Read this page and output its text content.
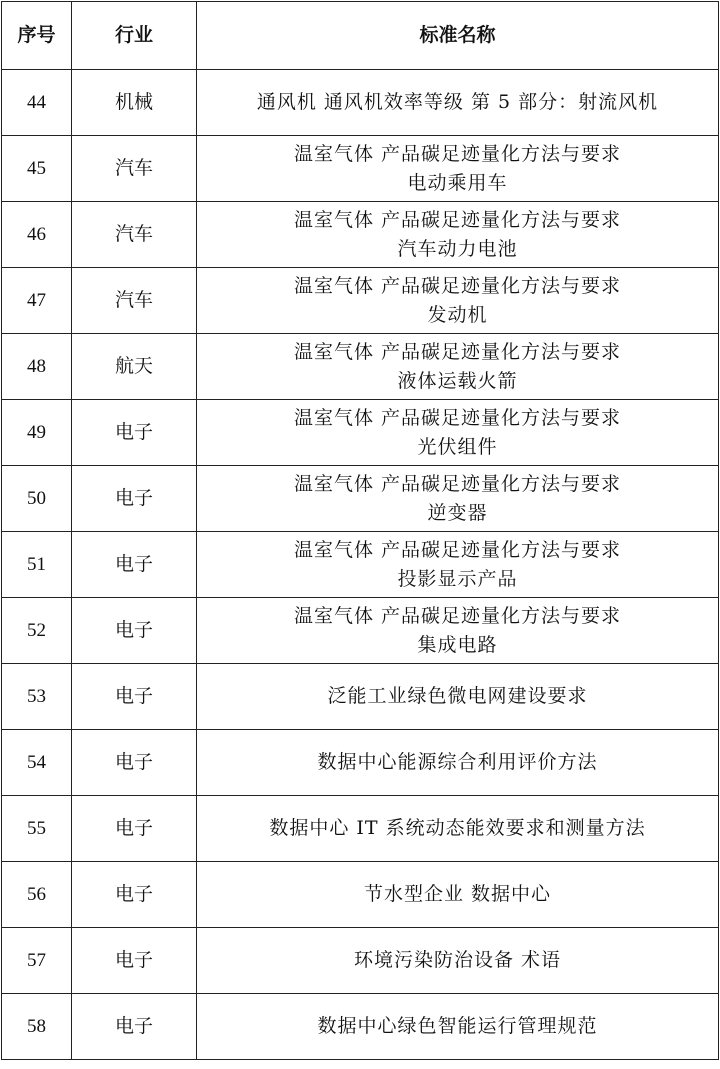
序号	行业	标准名称
44	机械	通风机 通风机效率等级 第 5 部分：射流风机

45	汽车	温室气体 产品碳足迹量化方法与要求
电动乘用车

46	汽车	温室气体 产品碳足迹量化方法与要求
汽车动力电池

47	汽车	温室气体 产品碳足迹量化方法与要求
发动机

48	航天	温室气体 产品碳足迹量化方法与要求
液体运载火箭

49	电子	温室气体 产品碳足迹量化方法与要求
光伏组件

50	电子	温室气体 产品碳足迹量化方法与要求
逆变器

51	电子	温室气体 产品碳足迹量化方法与要求
投影显示产品

52	电子	温室气体 产品碳足迹量化方法与要求
集成电路

53	电子	泛能工业绿色微电网建设要求

54	电子	数据中心能源综合利用评价方法

55	电子	数据中心 IT 系统动态能效要求和测量方法

56	电子	节水型企业 数据中心

57	电子	环境污染防治设备 术语

58	电子	数据中心绿色智能运行管理规范
